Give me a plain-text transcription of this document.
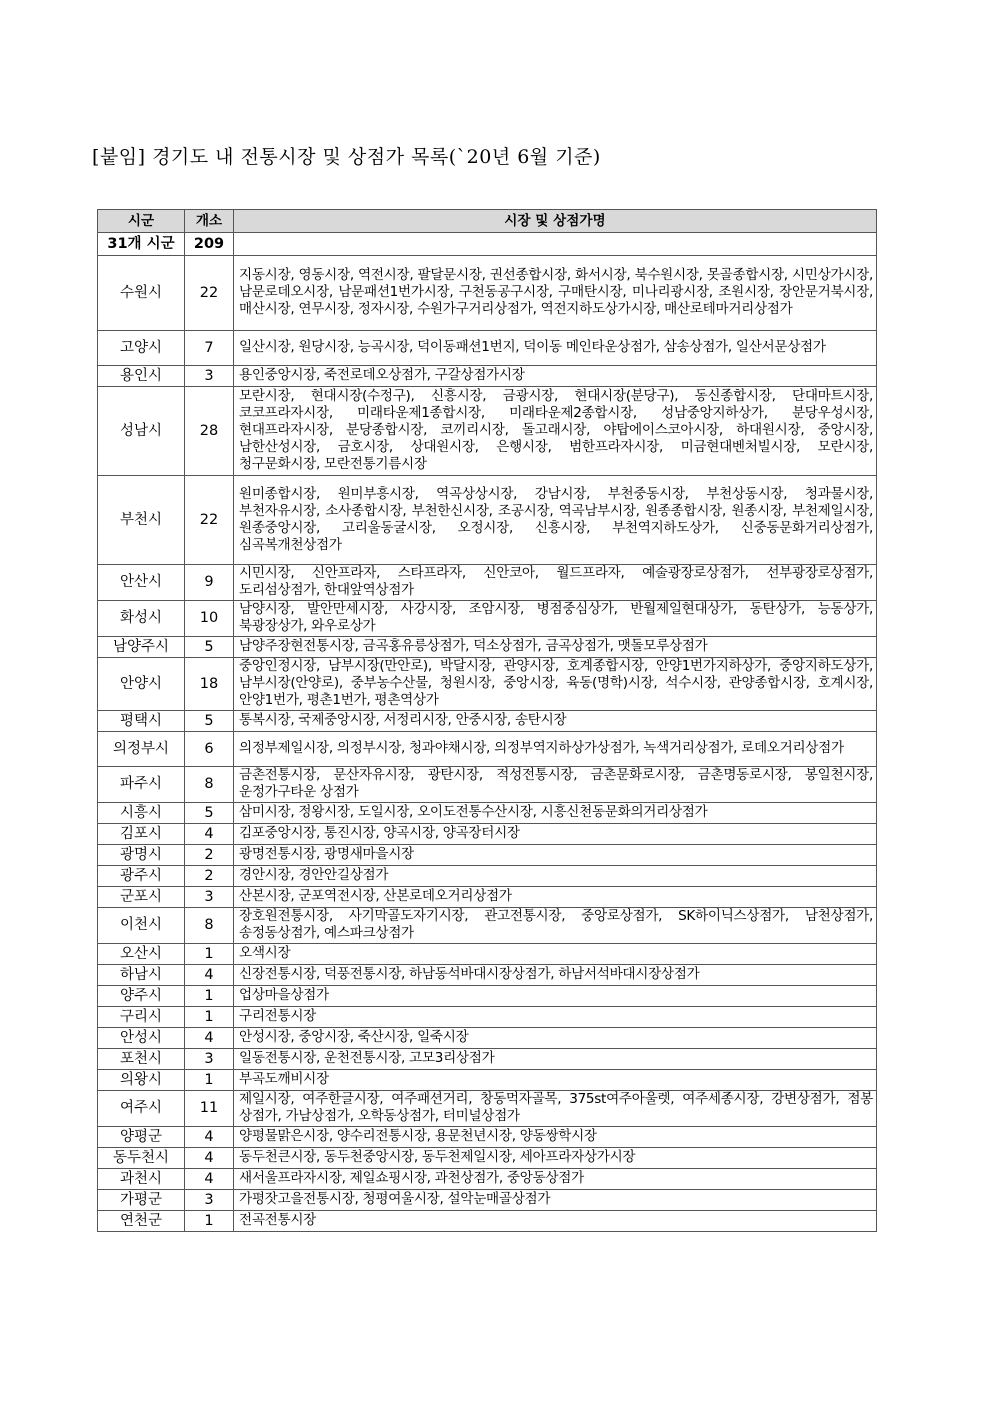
[붙임] 경기도 내 전통시장 및 상점가 목록(`20년 6월 기준)
시군	개소	시장 및 상점가명
31개 시군	209	
수원시	22	지동시장, 영동시장, 역전시장, 팔달문시장, 권선종합시장, 화서시장, 북수원시장, 못골종합시장, 시민상가시장, 남문로데오시장, 남문패션1번가시장, 구천동공구시장, 구매탄시장, 미나리광시장, 조원시장, 장안문거북시장, 매산시장, 연무시장, 정자시장, 수원가구거리상점가, 역전지하도상가시장, 매산로테마거리상점가
고양시	7	일산시장, 원당시장, 능곡시장, 덕이동패션1번지, 덕이동 메인타운상점가, 삼송상점가, 일산서문상점가
용인시	3	용인중앙시장, 죽전로데오상점가, 구갈상점가시장
성남시	28	모란시장, 현대시장(수정구), 신흥시장, 금광시장, 현대시장(분당구), 동신종합시장, 단대마트시장, 코코프라자시장, 미래타운제1종합시장, 미래타운제2종합시장, 성남중앙지하상가, 분당우성시장, 현대프라자시장, 분당종합시장, 코끼리시장, 돌고래시장, 야탑에이스코아시장, 하대원시장, 중앙시장, 남한산성시장, 금호시장, 상대원시장, 은행시장, 범한프라자시장, 미금현대벤처빌시장, 모란시장, 청구문화시장, 모란전통기름시장
부천시	22	원미종합시장, 원미부흥시장, 역곡상상시장, 강남시장, 부천중동시장, 부천상동시장, 청과물시장, 부천자유시장, 소사종합시장, 부천한신시장, 조공시장, 역곡남부시장, 원종종합시장, 원종시장, 부천제일시장, 원종중앙시장, 고리울동굴시장, 오정시장, 신흥시장, 부천역지하도상가, 신중동문화거리상점가, 심곡복개천상점가
안산시	9	시민시장, 신안프라자, 스타프라자, 신안코아, 월드프라자, 예술광장로상점가, 선부광장로상점가, 도리섬상점가, 한대앞역상점가
화성시	10	남양시장, 발안만세시장, 사강시장, 조암시장, 병점중심상가, 반월제일현대상가, 동탄상가, 능동상가, 북광장상가, 와우로상가
남양주시	5	남양주장현전통시장, 금곡홍유릉상점가, 덕소상점가, 금곡상점가, 맷돌모루상점가
안양시	18	중앙인정시장, 남부시장(만안로), 박달시장, 관양시장, 호계종합시장, 안양1번가지하상가, 중앙지하도상가, 남부시장(안양로), 중부농수산물, 청원시장, 중앙시장, 육동(명학)시장, 석수시장, 관양종합시장, 호계시장, 안양1번가, 평촌1번가, 평촌역상가
평택시	5	통복시장, 국제중앙시장, 서정리시장, 안중시장, 송탄시장
의정부시	6	의정부제일시장, 의정부시장, 청과야채시장, 의정부역지하상가상점가, 녹색거리상점가, 로데오거리상점가
파주시	8	금촌전통시장, 문산자유시장, 광탄시장, 적성전통시장, 금촌문화로시장, 금촌명동로시장, 봉일천시장, 운정가구타운 상점가
시흥시	5	삼미시장, 정왕시장, 도일시장, 오이도전통수산시장, 시흥신천동문화의거리상점가
김포시	4	김포중앙시장, 통진시장, 양곡시장, 양곡장터시장
광명시	2	광명전통시장, 광명새마을시장
광주시	2	경안시장, 경안안길상점가
군포시	3	산본시장, 군포역전시장, 산본로데오거리상점가
이천시	8	장호원전통시장, 사기막골도자기시장, 관고전통시장, 중앙로상점가, SK하이닉스상점가, 남천상점가, 송정동상점가, 예스파크상점가
오산시	1	오색시장
하남시	4	신장전통시장, 덕풍전통시장, 하남동석바대시장상점가, 하남서석바대시장상점가
양주시	1	업상마을상점가
구리시	1	구리전통시장
안성시	4	안성시장, 중앙시장, 죽산시장, 일죽시장
포천시	3	일동전통시장, 운천전통시장, 고모3리상점가
의왕시	1	부곡도깨비시장
여주시	11	제일시장, 여주한글시장, 여주패션거리, 창동먹자골목, 375st여주아울렛, 여주세종시장, 강변상점가, 점봉 상점가, 가남상점가, 오학동상점가, 터미널상점가
양평군	4	양평물맑은시장, 양수리전통시장, 용문천년시장, 양동쌍학시장
동두천시	4	동두천큰시장, 동두천중앙시장, 동두천제일시장, 세아프라자상가시장
과천시	4	새서울프라자시장, 제일쇼핑시장, 과천상점가, 중앙동상점가
가평군	3	가평잣고을전통시장, 청평여울시장, 설악눈매골상점가
연천군	1	전곡전통시장
